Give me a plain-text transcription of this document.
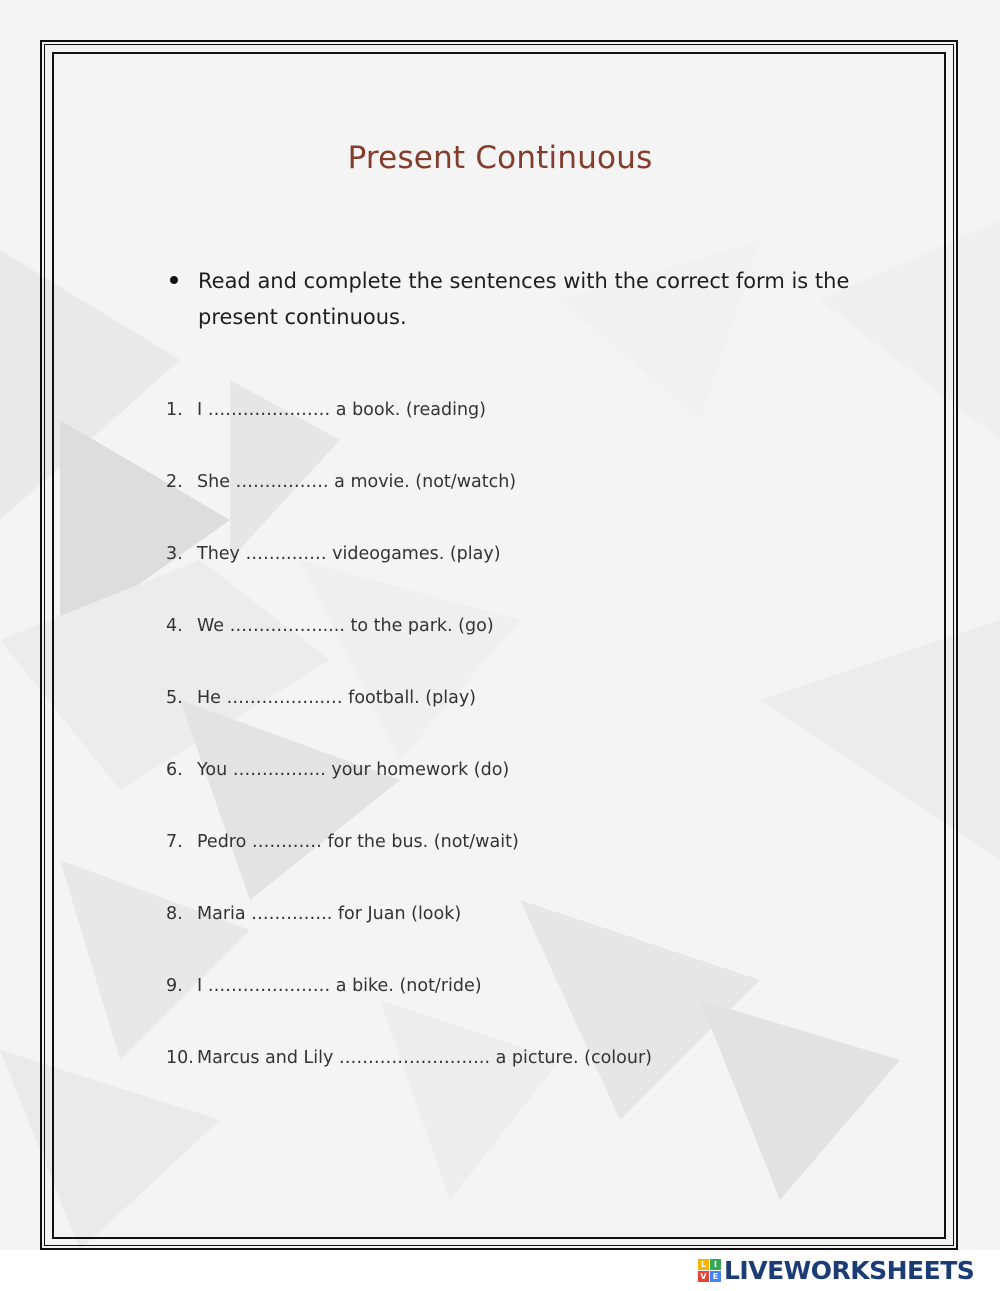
Present Continuous
Read and complete the sentences with the correct form is the present continuous.
1. I ………………… a book. (reading)
2. She ……………. a movie. (not/watch)
3. They ……..…… videogames. (play)
4. We ……………..... to the park. (go)
5. He ……………..… football. (play)
6. You ……………. your homework (do)
7. Pedro ………… for the bus. (not/wait)
8. Maria ………….. for Juan (look)
9. I ………………… a bike. (not/ride)
10. Marcus and Lily …………………….. a picture. (colour)
L I
V E LIVEWORKSHEETS
